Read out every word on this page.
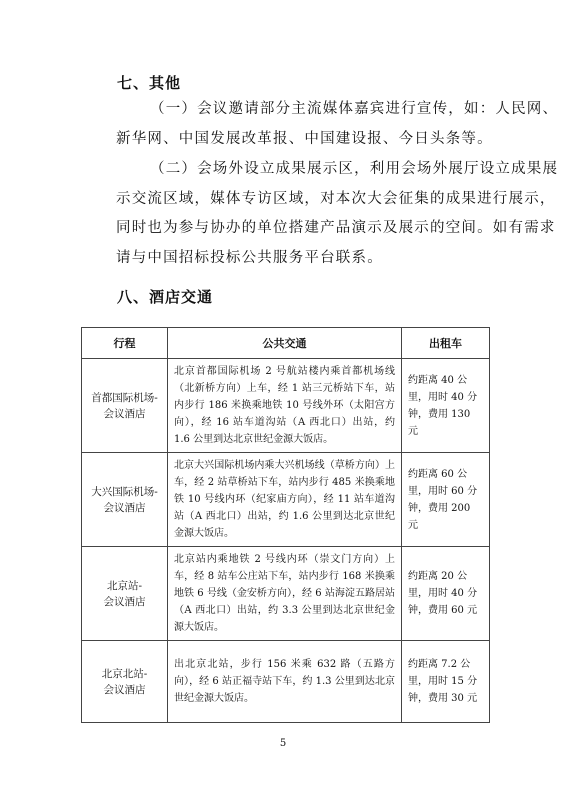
七、其他
（一）会议邀请部分主流媒体嘉宾进行宣传，如：人民网、
新华网、中国发展改革报、中国建设报、今日头条等。
（二）会场外设立成果展示区，利用会场外展厅设立成果展
示交流区域，媒体专访区域，对本次大会征集的成果进行展示，
同时也为参与协办的单位搭建产品演示及展示的空间。如有需求
请与中国招标投标公共服务平台联系。
八、酒店交通
行程	公共交通	出租车

首都国际机场-
会议酒店	北京首都国际机场 2 号航站楼内乘首都机场线（北新桥方向）上车，经 1 站三元桥站下车，站内步行 186 米换乘地铁 10 号线外环（太阳宫方向），经 16 站车道沟站（A 西北口）出站，约 1.6 公里到达北京世纪金源大饭店。	约距离 40 公里，用时 40 分钟，费用 130 元

大兴国际机场-
会议酒店	北京大兴国际机场内乘大兴机场线（草桥方向）上车，经 2 站草桥站下车，站内步行 485 米换乘地铁 10 号线内环（纪家庙方向），经 11 站车道沟站（A 西北口）出站，约 1.6 公里到达北京世纪金源大饭店。	约距离 60 公里，用时 60 分钟，费用 200 元

北京站-
会议酒店	北京站内乘地铁 2 号线内环（崇文门方向）上车，经 8 站车公庄站下车，站内步行 168 米换乘地铁 6 号线（金安桥方向），经 6 站海淀五路居站（A 西北口）出站，约 3.3 公里到达北京世纪金源大饭店。	约距离 20 公里，用时 40 分钟，费用 60 元

北京北站-
会议酒店	出北京北站，步行 156 米乘 632 路（五路方向），经 6 站正福寺站下车，约 1.3 公里到达北京世纪金源大饭店。	约距离 7.2 公里，用时 15 分钟，费用 30 元
5
